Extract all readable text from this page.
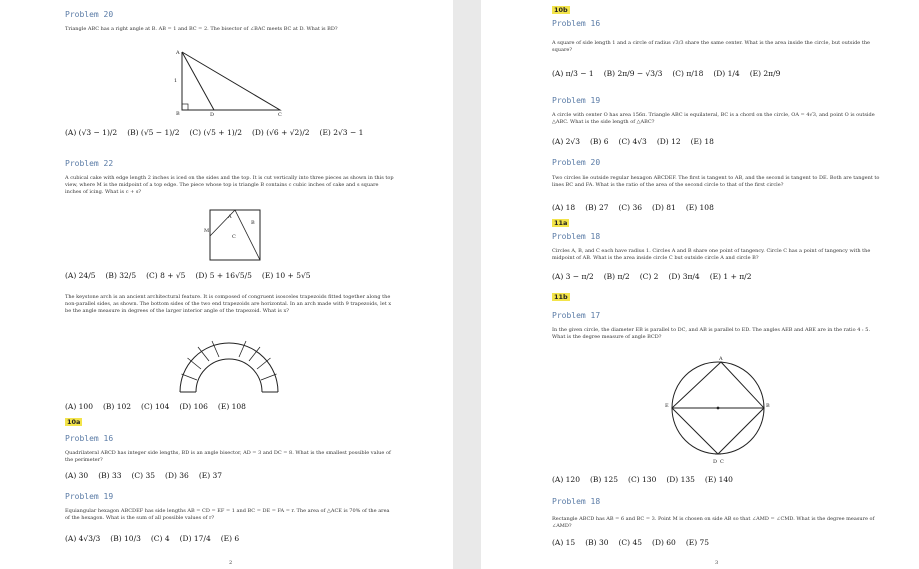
Problem 20
Triangle ABC has a right angle at B. AB = 1 and BC = 2. The bisector of ∠BAC meets BC at D. What is BD?
A
B	C
D
1
(A) (√3 − 1)/2 (B) (√5 − 1)/2 (C) (√5 + 1)/2 (D) (√6 + √2)/2 (E) 2√3 − 1
Problem 22
A cubical cake with edge length 2 inches is iced on the sides and the top. It is cut vertically into three pieces as shown in this top view, where M is the midpoint of a top edge. The piece whose top is triangle B contains c cubic inches of cake and s square inches of icing. What is c + s?
A
B
C
M
(A) 24/5 (B) 32/5 (C) 8 + √5 (D) 5 + 16√5/5 (E) 10 + 5√5
The keystone arch is an ancient architectural feature. It is composed of congruent isosceles trapezoids fitted together along the non-parallel sides, as shown. The bottom sides of the two end trapezoids are horizontal. In an arch made with 9 trapezoids, let x be the angle measure in degrees of the larger interior angle of the trapezoid. What is x?
(A) 100 (B) 102 (C) 104 (D) 106 (E) 108
10a
Problem 16
Quadrilateral ABCD has integer side lengths, BD is an angle bisector, AD = 3 and DC = 8. What is the smallest possible value of the perimeter?
(A) 30 (B) 33 (C) 35 (D) 36 (E) 37
Problem 19
Equiangular hexagon ABCDEF has side lengths AB = CD = EF = 1 and BC = DE = FA = r. The area of △ACE is 70% of the area of the hexagon. What is the sum of all possible values of r?
(A) 4√3/3 (B) 10/3 (C) 4 (D) 17/4 (E) 6
2
10b
Problem 16
A square of side length 1 and a circle of radius √3/3 share the same center. What is the area inside the circle, but outside the square?
(A) π/3 − 1 (B) 2π/9 − √3/3 (C) π/18 (D) 1/4 (E) 2π/9
Problem 19
A circle with center O has area 156π. Triangle ABC is equilateral, BC is a chord on the circle, OA = 4√3, and point O is outside △ABC. What is the side length of △ABC?
(A) 2√3 (B) 6 (C) 4√3 (D) 12 (E) 18
Problem 20
Two circles lie outside regular hexagon ABCDEF. The first is tangent to AB, and the second is tangent to DE. Both are tangent to lines BC and FA. What is the ratio of the area of the second circle to that of the first circle?
(A) 18 (B) 27 (C) 36 (D) 81 (E) 108
11a
Problem 18
Circles A, B, and C each have radius 1. Circles A and B share one point of tangency. Circle C has a point of tangency with the midpoint of AB. What is the area inside circle C but outside circle A and circle B?
(A) 3 − π/2 (B) π/2 (C) 2 (D) 3π/4 (E) 1 + π/2
11b
Problem 17
In the given circle, the diameter EB is parallel to DC, and AB is parallel to ED. The angles AEB and ABE are in the ratio 4 : 5. What is the degree measure of angle BCD?
A
B
C
D
E
(A) 120 (B) 125 (C) 130 (D) 135 (E) 140
Problem 18
Rectangle ABCD has AB = 6 and BC = 3. Point M is chosen on side AB so that ∠AMD = ∠CMD. What is the degree measure of ∠AMD?
(A) 15 (B) 30 (C) 45 (D) 60 (E) 75
3
